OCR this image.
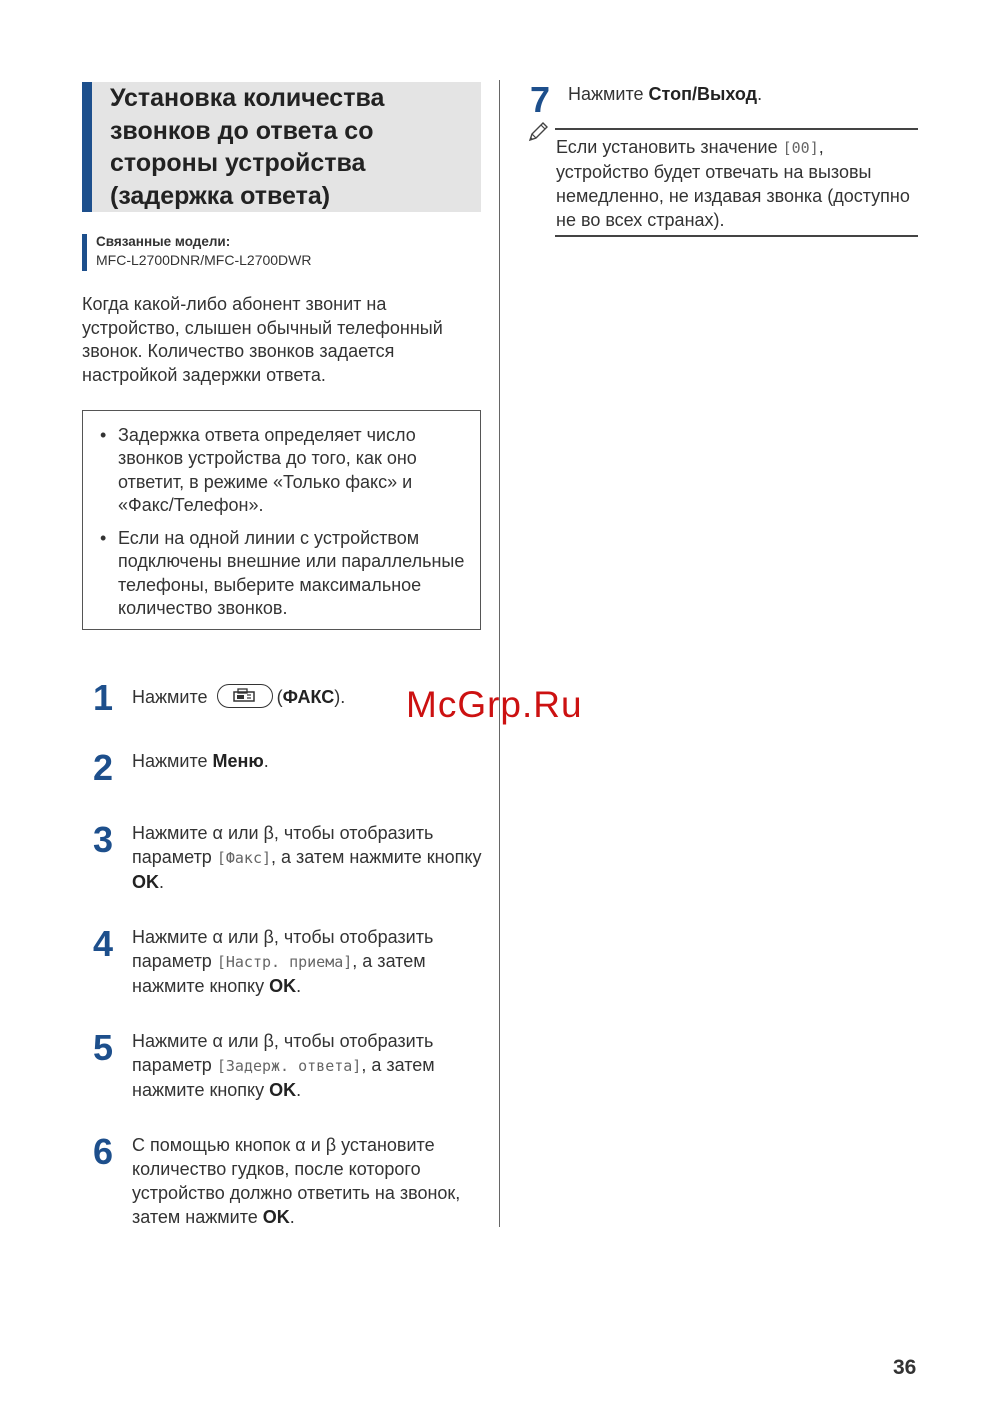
Установка количества звонков до ответа со стороны устройства (задержка ответа)
Связанные модели:
MFC-L2700DNR/MFC-L2700DWR
Когда какой-либо абонент звонит на устройство, слышен обычный телефонный звонок. Количество звонков задается настройкой задержки ответа.
• Задержка ответа определяет число звонков устройства до того, как оно ответит, в режиме «Только факс» и «Факс/Телефон».
• Если на одной линии с устройством подключены внешние или параллельные телефоны, выберите максимальное количество звонков.
1 Нажмите	(ФАКС).
2 Нажмите Меню.
3 Нажмите α или β, чтобы отобразить параметр [Факс], а затем нажмите кнопку OK.
4 Нажмите α или β, чтобы отобразить параметр [Настр. приема], а затем нажмите кнопку OK.
5 Нажмите α или β, чтобы отобразить параметр [Задерж. ответа], а затем нажмите кнопку OK.
6 С помощью кнопок α и β установите количество гудков, после которого устройство должно ответить на звонок, затем нажмите OK.
7 Нажмите Стоп/Выход.
Если установить значение [00], устройство будет отвечать на вызовы немедленно, не издавая звонка (доступно не во всех странах).
McGrp.Ru
36
